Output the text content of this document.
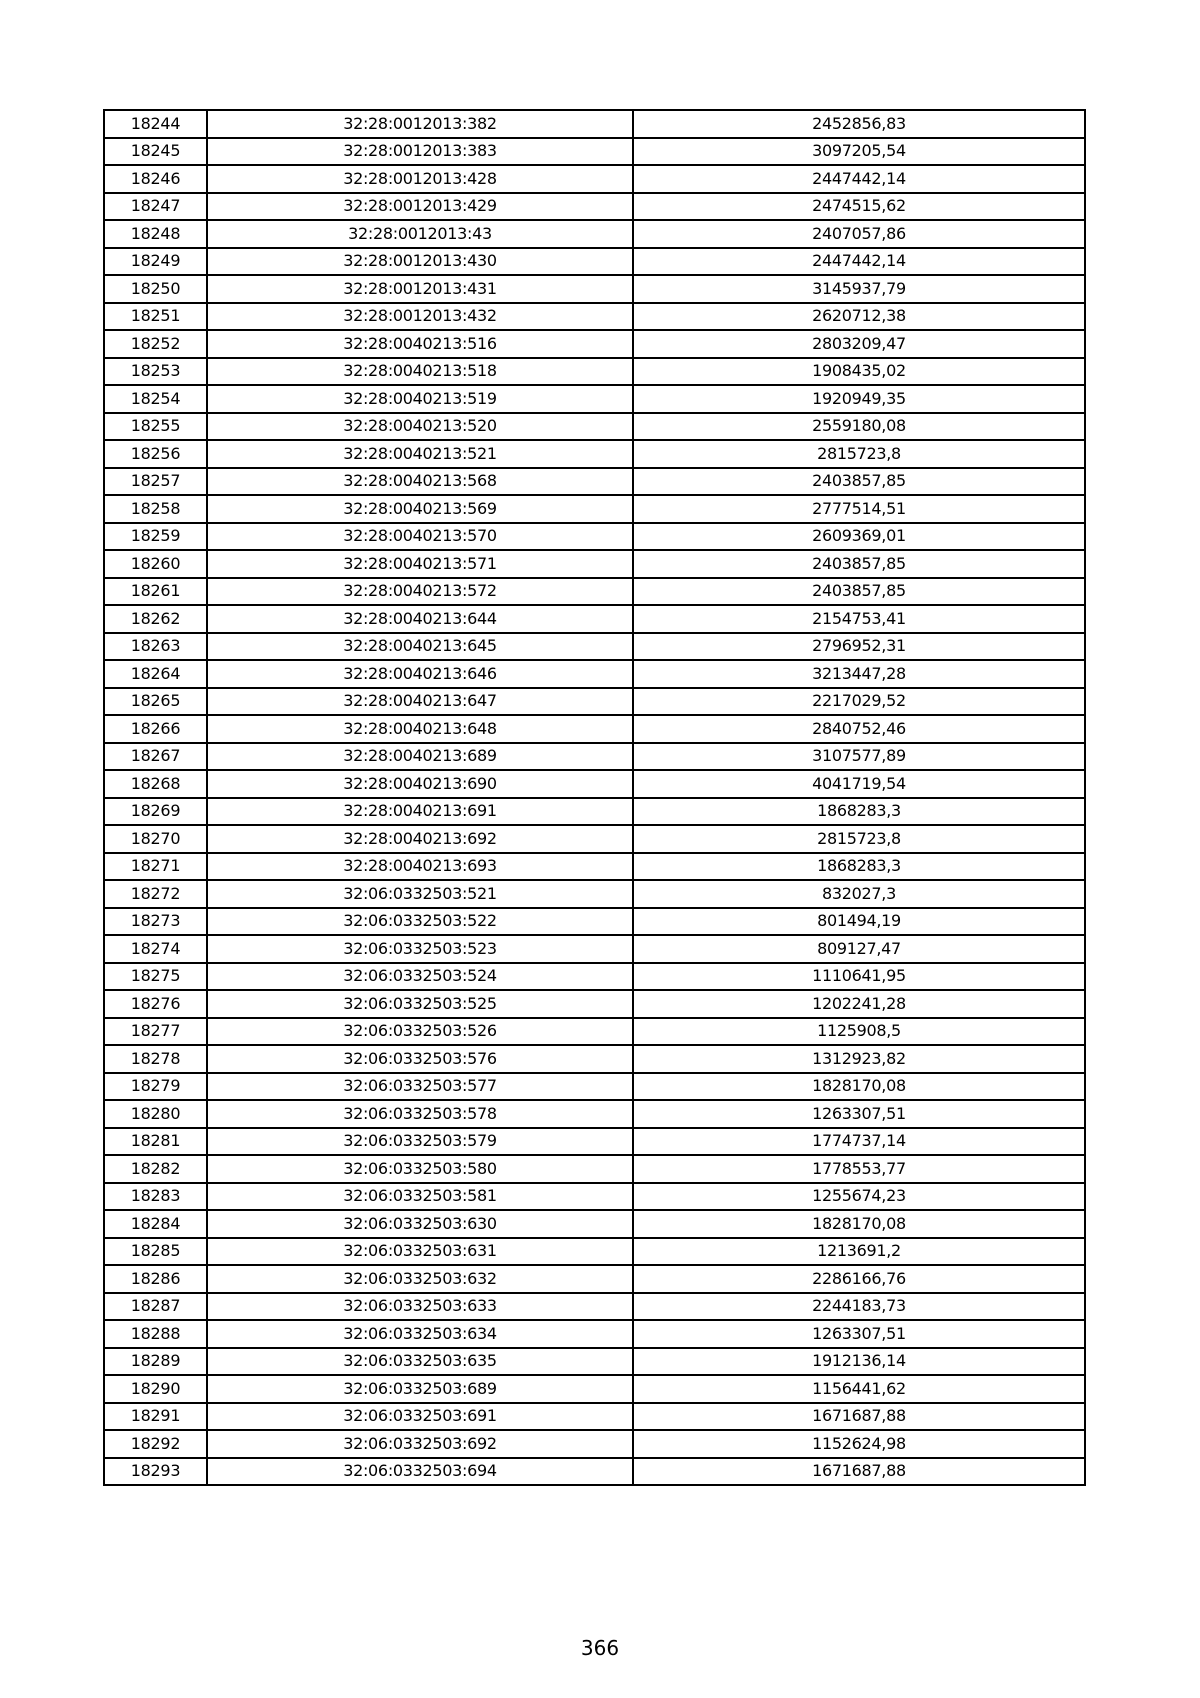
18244	32:28:0012013:382	2452856,83
18245	32:28:0012013:383	3097205,54
18246	32:28:0012013:428	2447442,14
18247	32:28:0012013:429	2474515,62
18248	32:28:0012013:43	2407057,86
18249	32:28:0012013:430	2447442,14
18250	32:28:0012013:431	3145937,79
18251	32:28:0012013:432	2620712,38
18252	32:28:0040213:516	2803209,47
18253	32:28:0040213:518	1908435,02
18254	32:28:0040213:519	1920949,35
18255	32:28:0040213:520	2559180,08
18256	32:28:0040213:521	2815723,8
18257	32:28:0040213:568	2403857,85
18258	32:28:0040213:569	2777514,51
18259	32:28:0040213:570	2609369,01
18260	32:28:0040213:571	2403857,85
18261	32:28:0040213:572	2403857,85
18262	32:28:0040213:644	2154753,41
18263	32:28:0040213:645	2796952,31
18264	32:28:0040213:646	3213447,28
18265	32:28:0040213:647	2217029,52
18266	32:28:0040213:648	2840752,46
18267	32:28:0040213:689	3107577,89
18268	32:28:0040213:690	4041719,54
18269	32:28:0040213:691	1868283,3
18270	32:28:0040213:692	2815723,8
18271	32:28:0040213:693	1868283,3
18272	32:06:0332503:521	832027,3
18273	32:06:0332503:522	801494,19
18274	32:06:0332503:523	809127,47
18275	32:06:0332503:524	1110641,95
18276	32:06:0332503:525	1202241,28
18277	32:06:0332503:526	1125908,5
18278	32:06:0332503:576	1312923,82
18279	32:06:0332503:577	1828170,08
18280	32:06:0332503:578	1263307,51
18281	32:06:0332503:579	1774737,14
18282	32:06:0332503:580	1778553,77
18283	32:06:0332503:581	1255674,23
18284	32:06:0332503:630	1828170,08
18285	32:06:0332503:631	1213691,2
18286	32:06:0332503:632	2286166,76
18287	32:06:0332503:633	2244183,73
18288	32:06:0332503:634	1263307,51
18289	32:06:0332503:635	1912136,14
18290	32:06:0332503:689	1156441,62
18291	32:06:0332503:691	1671687,88
18292	32:06:0332503:692	1152624,98
18293	32:06:0332503:694	1671687,88
366
